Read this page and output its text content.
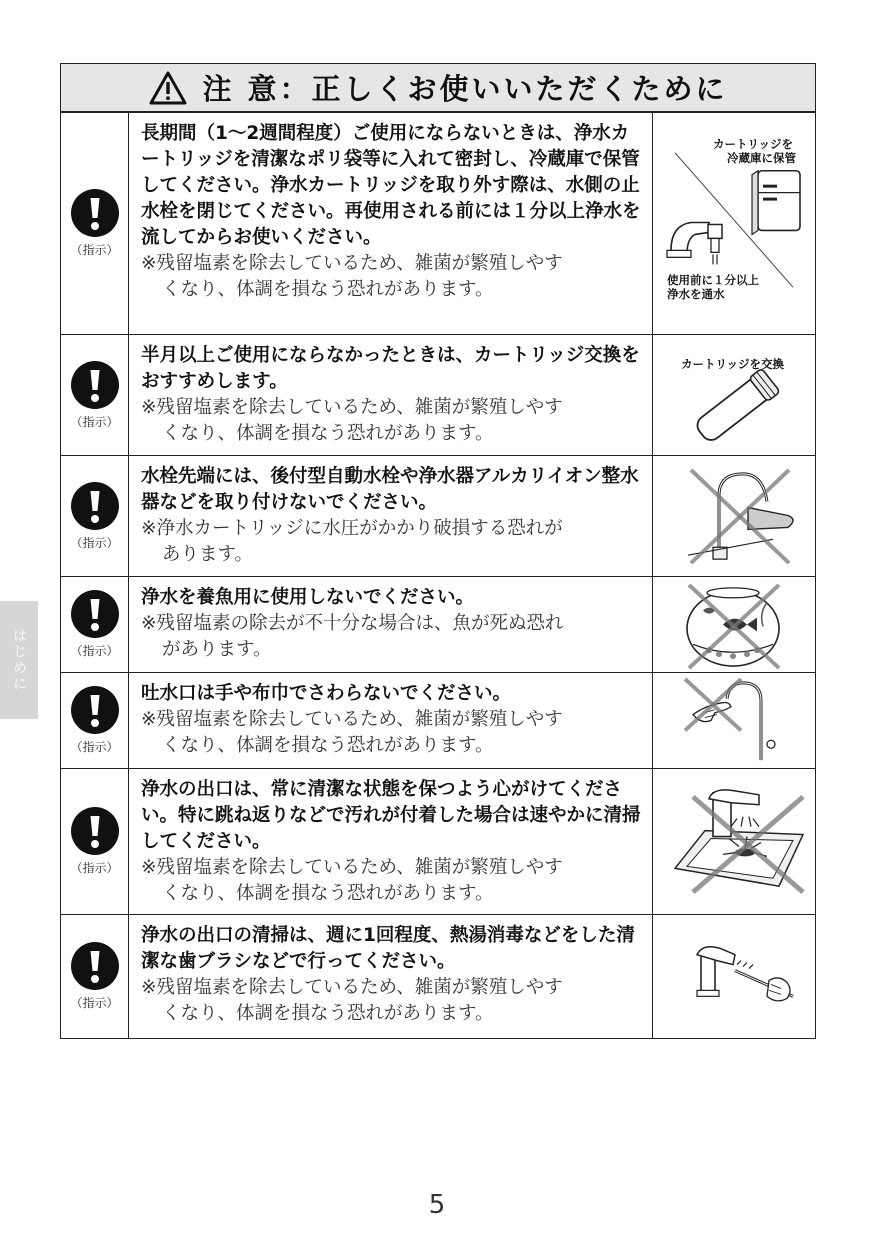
注 意：正しくお使いいただくために
（指示）
長期間（1～2週間程度）ご使用にならないときは、浄水カートリッジを清潔なポリ袋等に入れて密封し、冷蔵庫で保管してください。浄水カートリッジを取り外す際は、水側の止水栓を閉じてください。再使用される前には１分以上浄水を流してからお使いください。
※残留塩素を除去しているため、雑菌が繁殖しやす
くなり、体調を損なう恐れがあります。
カートリッジを
冷蔵庫に保管
使用前に１分以上
浄水を通水
（指示）
半月以上ご使用にならなかったときは、カートリッジ交換をおすすめします。
※残留塩素を除去しているため、雑菌が繁殖しやす
くなり、体調を損なう恐れがあります。
カートリッジを交換
（指示）
水栓先端には、後付型自動水栓や浄水器アルカリイオン整水器などを取り付けないでください。
※浄水カートリッジに水圧がかかり破損する恐れが
あります。
（指示）
浄水を養魚用に使用しないでください。
※残留塩素の除去が不十分な場合は、魚が死ぬ恐れ
があります。
（指示）
吐水口は手や布巾でさわらないでください。
※残留塩素を除去しているため、雑菌が繁殖しやす
くなり、体調を損なう恐れがあります。
（指示）
浄水の出口は、常に清潔な状態を保つよう心がけてください。特に跳ね返りなどで汚れが付着した場合は速やかに清掃してください。
※残留塩素を除去しているため、雑菌が繁殖しやす
くなり、体調を損なう恐れがあります。
（指示）
浄水の出口の清掃は、週に1回程度、熱湯消毒などをした清潔な歯ブラシなどで行ってください。
※残留塩素を除去しているため、雑菌が繁殖しやす
くなり、体調を損なう恐れがあります。
はじめに
5
